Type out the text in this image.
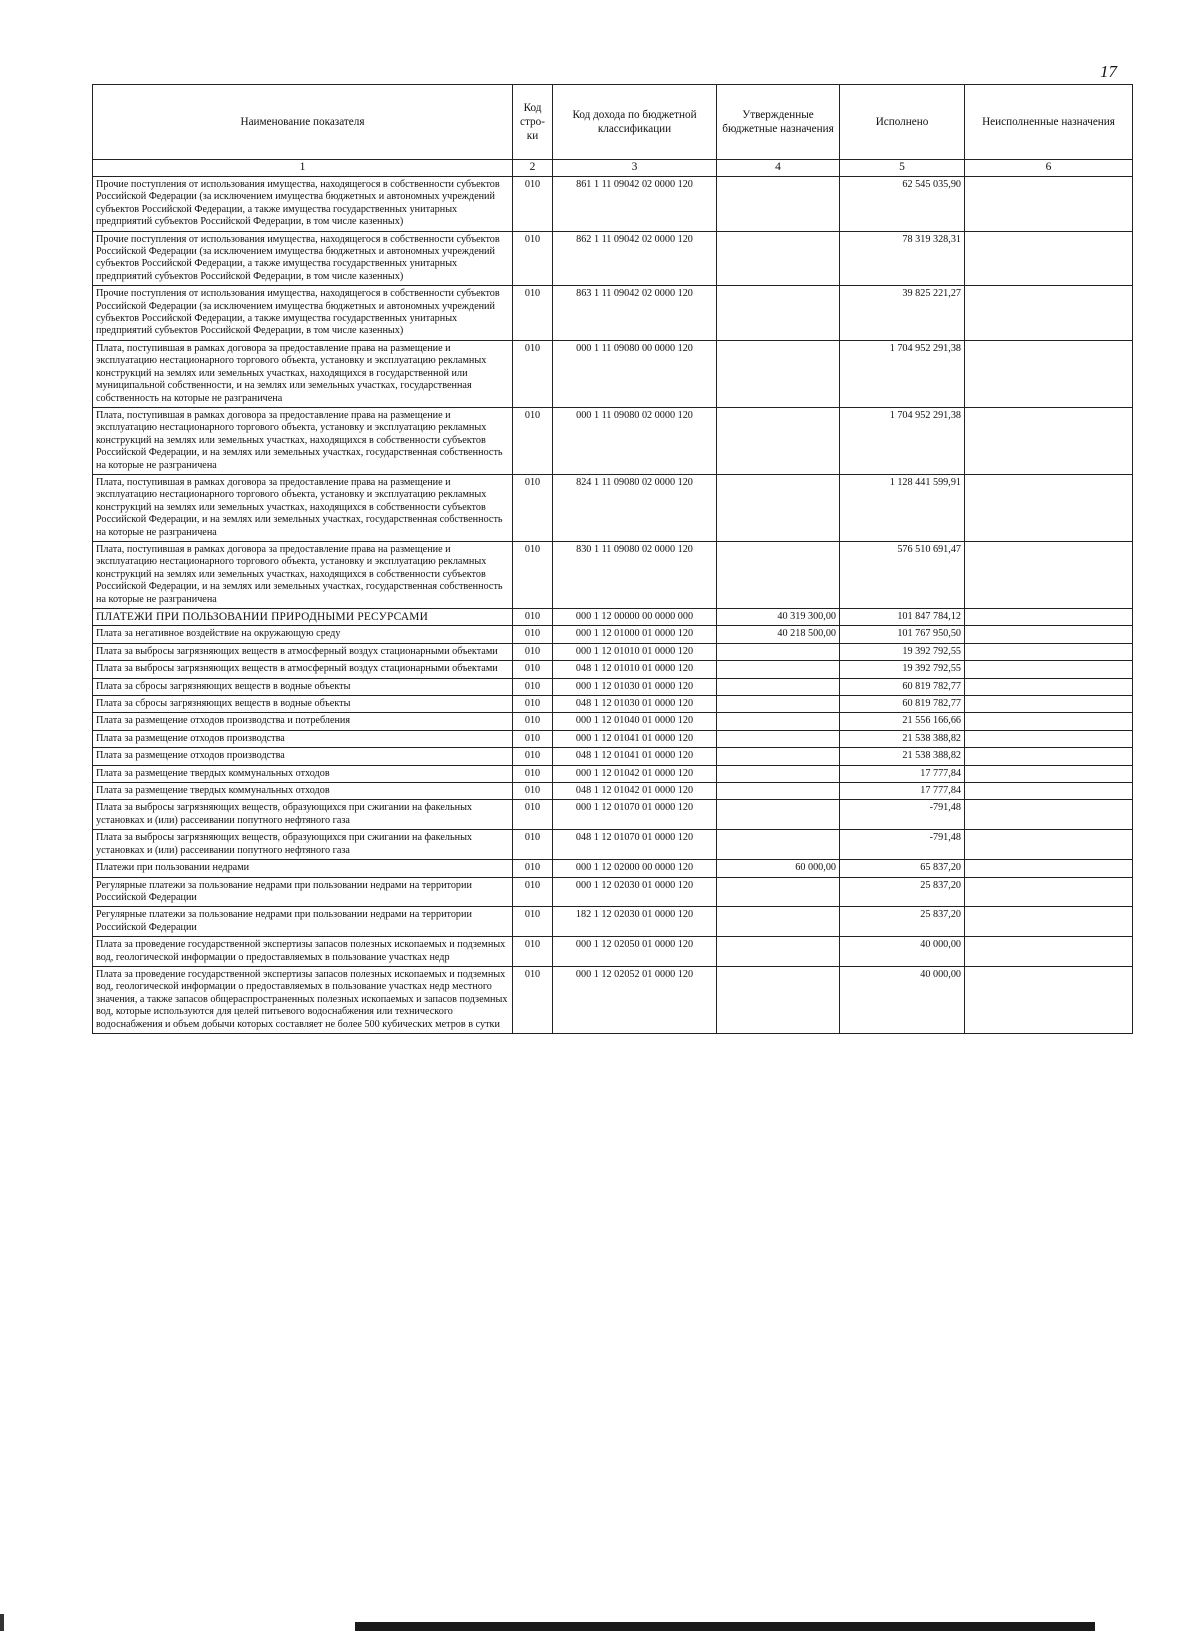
17
Наименование показателя	Код стро-ки	Код дохода по бюджетной классификации	Утвержденные бюджетные назначения	Исполнено	Неисполненные назначения
1	2	3	4	5	6
Прочие поступления от использования имущества, находящегося в собственности субъектов Российской Федерации (за исключением имущества бюджетных и автономных учреждений субъектов Российской Федерации, а также имущества государственных унитарных предприятий субъектов Российской Федерации, в том числе казенных)	010	861 1 11 09042 02 0000 120		62 545 035,90	
Прочие поступления от использования имущества, находящегося в собственности субъектов Российской Федерации (за исключением имущества бюджетных и автономных учреждений субъектов Российской Федерации, а также имущества государственных унитарных предприятий субъектов Российской Федерации, в том числе казенных)	010	862 1 11 09042 02 0000 120		78 319 328,31	
Прочие поступления от использования имущества, находящегося в собственности субъектов Российской Федерации (за исключением имущества бюджетных и автономных учреждений субъектов Российской Федерации, а также имущества государственных унитарных предприятий субъектов Российской Федерации, в том числе казенных)	010	863 1 11 09042 02 0000 120		39 825 221,27	
Плата, поступившая в рамках договора за предоставление права на размещение и эксплуатацию нестационарного торгового объекта, установку и эксплуатацию рекламных конструкций на землях или земельных участках, находящихся в государственной или муниципальной собственности, и на землях или земельных участках, государственная собственность на которые не разграничена	010	000 1 11 09080 00 0000 120		1 704 952 291,38	
Плата, поступившая в рамках договора за предоставление права на размещение и эксплуатацию нестационарного торгового объекта, установку и эксплуатацию рекламных конструкций на землях или земельных участках, находящихся в собственности субъектов Российской Федерации, и на землях или земельных участках, государственная собственность на которые не разграничена	010	000 1 11 09080 02 0000 120		1 704 952 291,38	
Плата, поступившая в рамках договора за предоставление права на размещение и эксплуатацию нестационарного торгового объекта, установку и эксплуатацию рекламных конструкций на землях или земельных участках, находящихся в собственности субъектов Российской Федерации, и на землях или земельных участках, государственная собственность на которые не разграничена	010	824 1 11 09080 02 0000 120		1 128 441 599,91	
Плата, поступившая в рамках договора за предоставление права на размещение и эксплуатацию нестационарного торгового объекта, установку и эксплуатацию рекламных конструкций на землях или земельных участках, находящихся в собственности субъектов Российской Федерации, и на землях или земельных участках, государственная собственность на которые не разграничена	010	830 1 11 09080 02 0000 120		576 510 691,47	
ПЛАТЕЖИ ПРИ ПОЛЬЗОВАНИИ ПРИРОДНЫМИ РЕСУРСАМИ	010	000 1 12 00000 00 0000 000	40 319 300,00	101 847 784,12	
Плата за негативное воздействие на окружающую среду	010	000 1 12 01000 01 0000 120	40 218 500,00	101 767 950,50	
Плата за выбросы загрязняющих веществ в атмосферный воздух стационарными объектами	010	000 1 12 01010 01 0000 120		19 392 792,55	
Плата за выбросы загрязняющих веществ в атмосферный воздух стационарными объектами	010	048 1 12 01010 01 0000 120		19 392 792,55	
Плата за сбросы загрязняющих веществ в водные объекты	010	000 1 12 01030 01 0000 120		60 819 782,77	
Плата за сбросы загрязняющих веществ в водные объекты	010	048 1 12 01030 01 0000 120		60 819 782,77	
Плата за размещение отходов производства и потребления	010	000 1 12 01040 01 0000 120		21 556 166,66	
Плата за размещение отходов производства	010	000 1 12 01041 01 0000 120		21 538 388,82	
Плата за размещение отходов производства	010	048 1 12 01041 01 0000 120		21 538 388,82	
Плата за размещение твердых коммунальных отходов	010	000 1 12 01042 01 0000 120		17 777,84	
Плата за размещение твердых коммунальных отходов	010	048 1 12 01042 01 0000 120		17 777,84	
Плата за выбросы загрязняющих веществ, образующихся при сжигании на факельных установках и (или) рассеивании попутного нефтяного газа	010	000 1 12 01070 01 0000 120		-791,48	
Плата за выбросы загрязняющих веществ, образующихся при сжигании на факельных установках и (или) рассеивании попутного нефтяного газа	010	048 1 12 01070 01 0000 120		-791,48	
Платежи при пользовании недрами	010	000 1 12 02000 00 0000 120	60 000,00	65 837,20	
Регулярные платежи за пользование недрами при пользовании недрами на территории Российской Федерации	010	000 1 12 02030 01 0000 120		25 837,20	
Регулярные платежи за пользование недрами при пользовании недрами на территории Российской Федерации	010	182 1 12 02030 01 0000 120		25 837,20	
Плата за проведение государственной экспертизы запасов полезных ископаемых и подземных вод, геологической информации о предоставляемых в пользование участках недр	010	000 1 12 02050 01 0000 120		40 000,00	
Плата за проведение государственной экспертизы запасов полезных ископаемых и подземных вод, геологической информации о предоставляемых в пользование участках недр местного значения, а также запасов общераспространенных полезных ископаемых и запасов подземных вод, которые используются для целей питьевого водоснабжения или технического водоснабжения и объем добычи которых составляет не более 500 кубических метров в сутки	010	000 1 12 02052 01 0000 120		40 000,00	
